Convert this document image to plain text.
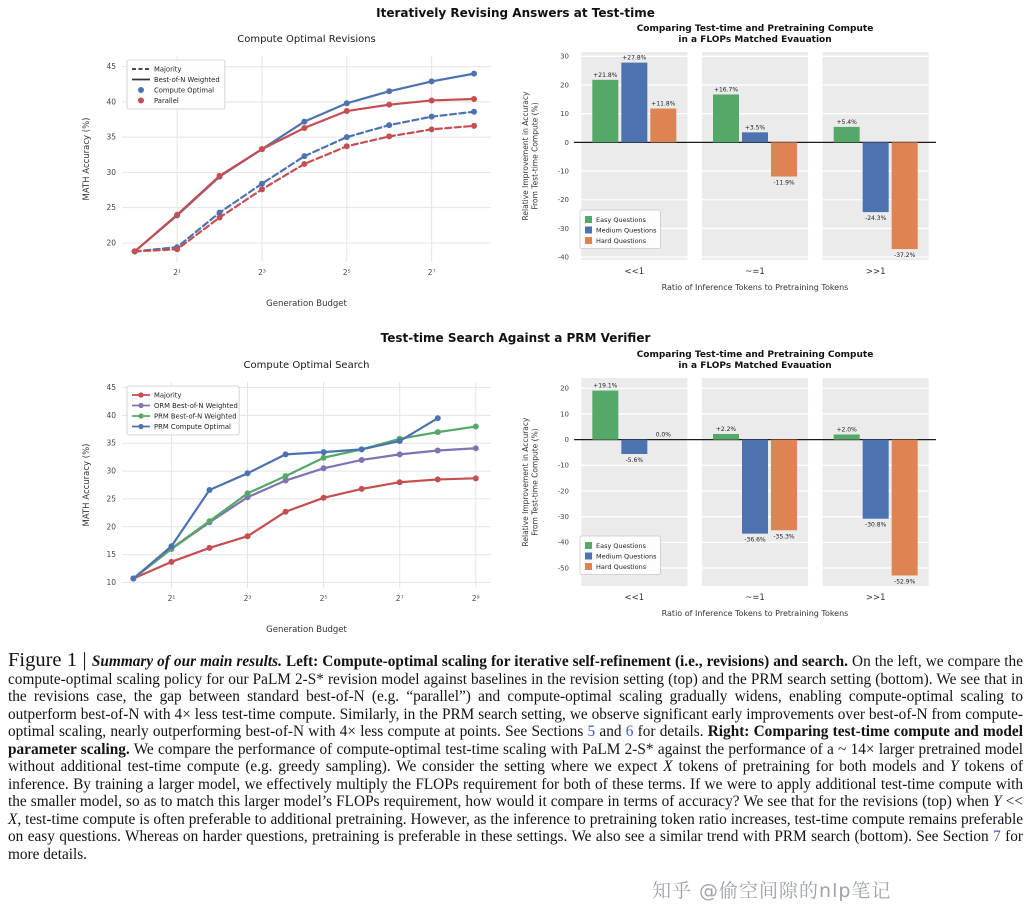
Iteratively Revising Answers at Test-time
20
25
30
35
40
45
2¹	2³	2⁵	2⁷
Compute Optimal Revisions
Generation Budget
MATH Accuracy (%)
Majority
Best-of-N Weighted
Compute Optimal
Parallel
30
20
10
0
-10
-20
-30
-40
Comparing Test-time and Pretraining Compute
in a FLOPs Matched Evauation
Ratio of Inference Tokens to Pretraining Tokens
Relative Improvement in Accuracy From Test-time Compute (%)
<<1	~=1	>>1
+21.8%
+16.7%
+5.4%
+27.8%
+3.5%
-24.3%
+11.8%
-11.9%
-37.2%
Easy Questions
Medium Questions
Hard Questions
Test-time Search Against a PRM Verifier
10
15
20
25
30
35
40
45
2¹	2³	2⁵	2⁷	2⁹
Compute Optimal Search
Generation Budget
MATH Accuracy (%)
Majority
ORM Best-of-N Weighted
PRM Best-of-N Weighted
PRM Compute Optimal
20
10
0
-10
-20
-30
-40
-50
Comparing Test-time and Pretraining Compute
in a FLOPs Matched Evauation
Ratio of Inference Tokens to Pretraining Tokens
Relative Improvement in Accuracy From Test-time Compute (%)
<<1	~=1	>>1
+19.1%
+2.2%	+2.0%
-5.6%
-36.6%
-30.8%
0.0%
-35.3%
-52.9%
Easy Questions
Medium Questions
Hard Questions

Figure 1 | Summary of our main results. Left: Compute-optimal scaling for iterative self-refinement (i.e., revisions) and search. On the left, we compare the compute-optimal scaling policy for our PaLM 2-S* revision model against baselines in the revision setting (top) and the PRM search setting (bottom). We see that in the revisions case, the gap between standard best-of-N (e.g. “parallel”) and compute-optimal scaling gradually widens, enabling compute-optimal scaling to outperform best-of-N with 4× less test-time compute. Similarly, in the PRM search setting, we observe significant early improvements over best-of-N from compute-optimal scaling, nearly outperforming best-of-N with 4× less compute at points. See Sections 5 and 6 for details. Right: Comparing test-time compute and model parameter scaling. We compare the performance of compute-optimal test-time scaling with PaLM 2-S* against the performance of a ~ 14× larger pretrained model without additional test-time compute (e.g. greedy sampling). We consider the setting where we expect X tokens of pretraining for both models and Y tokens of inference. By training a larger model, we effectively multiply the FLOPs requirement for both of these terms. If we were to apply additional test-time compute with the smaller model, so as to match this larger model’s FLOPs requirement, how would it compare in terms of accuracy? We see that for the revisions (top) when Y << X, test-time compute is often preferable to additional pretraining. However, as the inference to pretraining token ratio increases, test-time compute remains preferable on easy questions. Whereas on harder questions, pretraining is preferable in these settings. We also see a similar trend with PRM search (bottom). See Section 7 for more details.

知乎 @偷空间隙的nlp笔记
